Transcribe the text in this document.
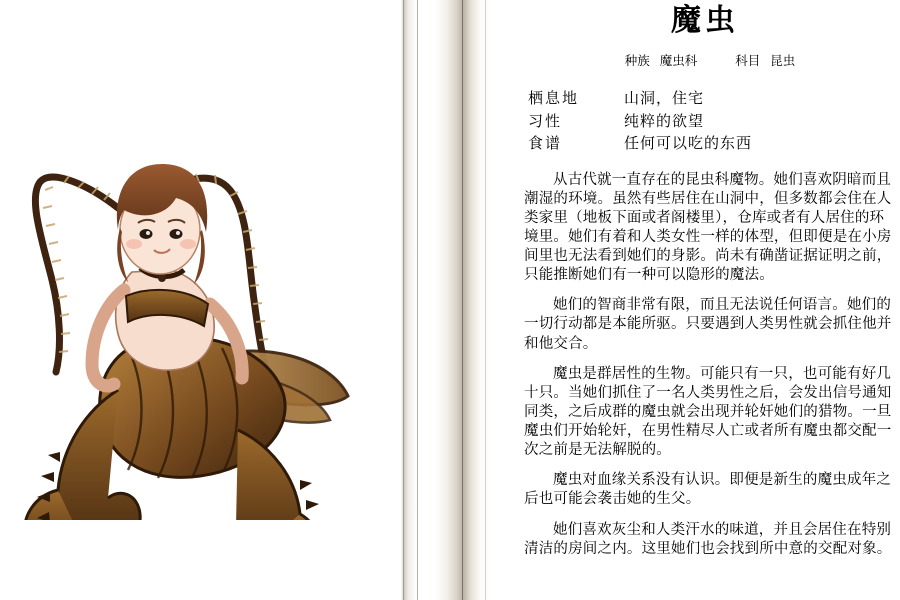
魔虫
种族 魔虫科	科目 昆虫
栖息地	山洞，住宅
习性	纯粹的欲望
食谱	任何可以吃的东西

从古代就一直存在的昆虫科魔物。她们喜欢阴暗而且潮湿的环境。虽然有些居住在山洞中，但多数都会住在人类家里（地板下面或者阁楼里），仓库或者有人居住的环境里。她们有着和人类女性一样的体型，但即便是在小房间里也无法看到她们的身影。尚未有确凿证据证明之前，只能推断她们有一种可以隐形的魔法。

她们的智商非常有限，而且无法说任何语言。她们的一切行动都是本能所驱。只要遇到人类男性就会抓住他并和他交合。

魔虫是群居性的生物。可能只有一只，也可能有好几十只。当她们抓住了一名人类男性之后，会发出信号通知同类，之后成群的魔虫就会出现并轮奸她们的猎物。一旦魔虫们开始轮奸，在男性精尽人亡或者所有魔虫都交配一次之前是无法解脱的。

魔虫对血缘关系没有认识。即便是新生的魔虫成年之后也可能会袭击她的生父。

她们喜欢灰尘和人类汗水的味道，并且会居住在特别清洁的房间之内。这里她们也会找到所中意的交配对象。
